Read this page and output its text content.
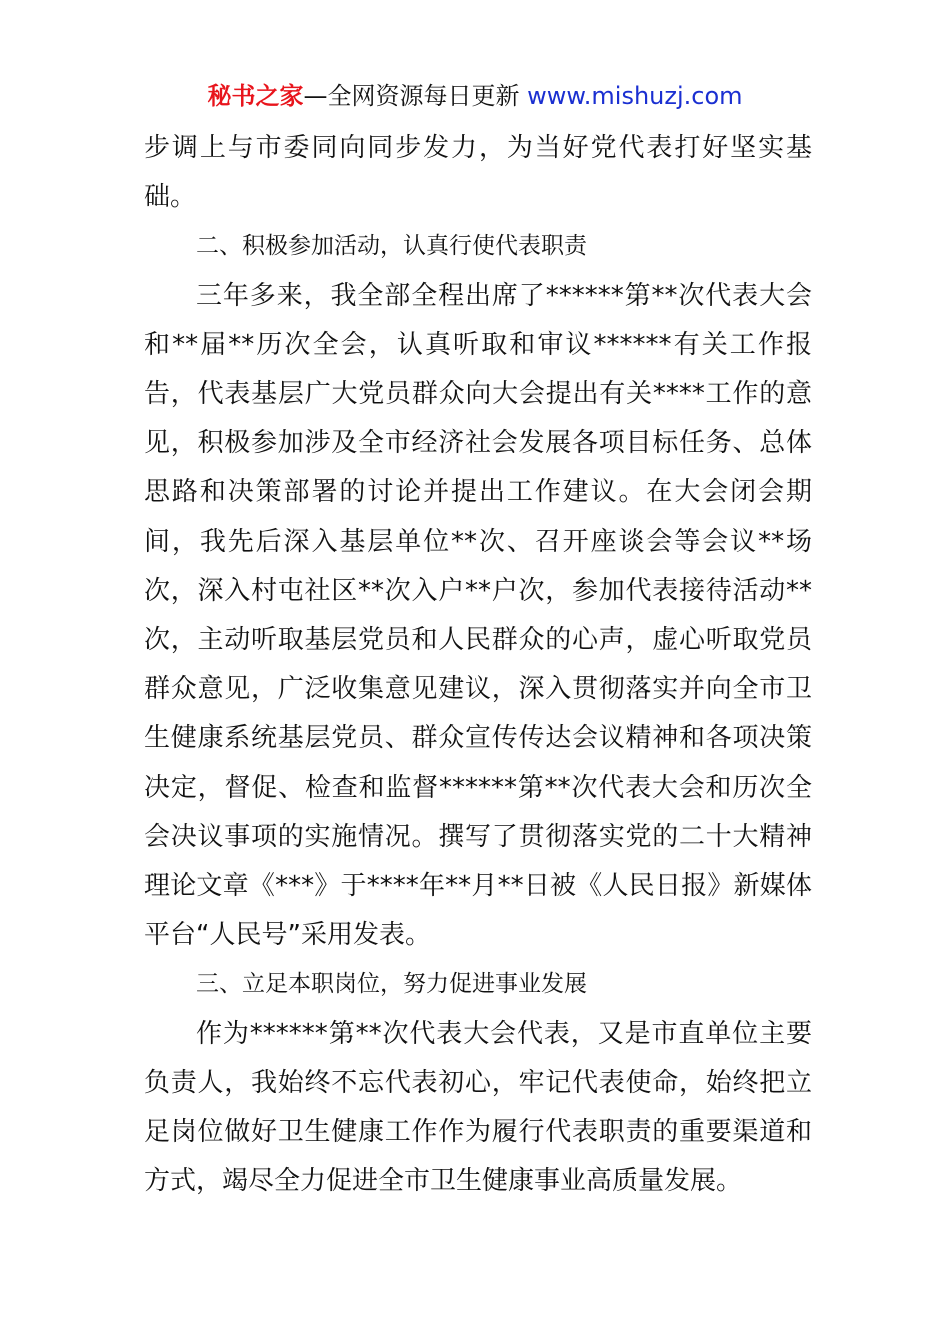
秘书之家—全网资源每日更新 www.mishuzj.com

步调上与市委同向同步发力，为当好党代表打好坚实基础。

二、积极参加活动，认真行使代表职责

三年多来，我全部全程出席了******第**次代表大会和**届**历次全会，认真听取和审议******有关工作报告，代表基层广大党员群众向大会提出有关****工作的意见，积极参加涉及全市经济社会发展各项目标任务、总体思路和决策部署的讨论并提出工作建议。在大会闭会期间，我先后深入基层单位**次、召开座谈会等会议**场次，深入村屯社区**次入户**户次，参加代表接待活动**次，主动听取基层党员和人民群众的心声，虚心听取党员群众意见，广泛收集意见建议，深入贯彻落实并向全市卫生健康系统基层党员、群众宣传传达会议精神和各项决策决定，督促、检查和监督******第**次代表大会和历次全会决议事项的实施情况。撰写了贯彻落实党的二十大精神理论文章《***》于****年**月**日被《人民日报》新媒体平台“人民号”采用发表。

三、立足本职岗位，努力促进事业发展

作为******第**次代表大会代表，又是市直单位主要负责人，我始终不忘代表初心，牢记代表使命，始终把立足岗位做好卫生健康工作作为履行代表职责的重要渠道和方式，竭尽全力促进全市卫生健康事业高质量发展。
